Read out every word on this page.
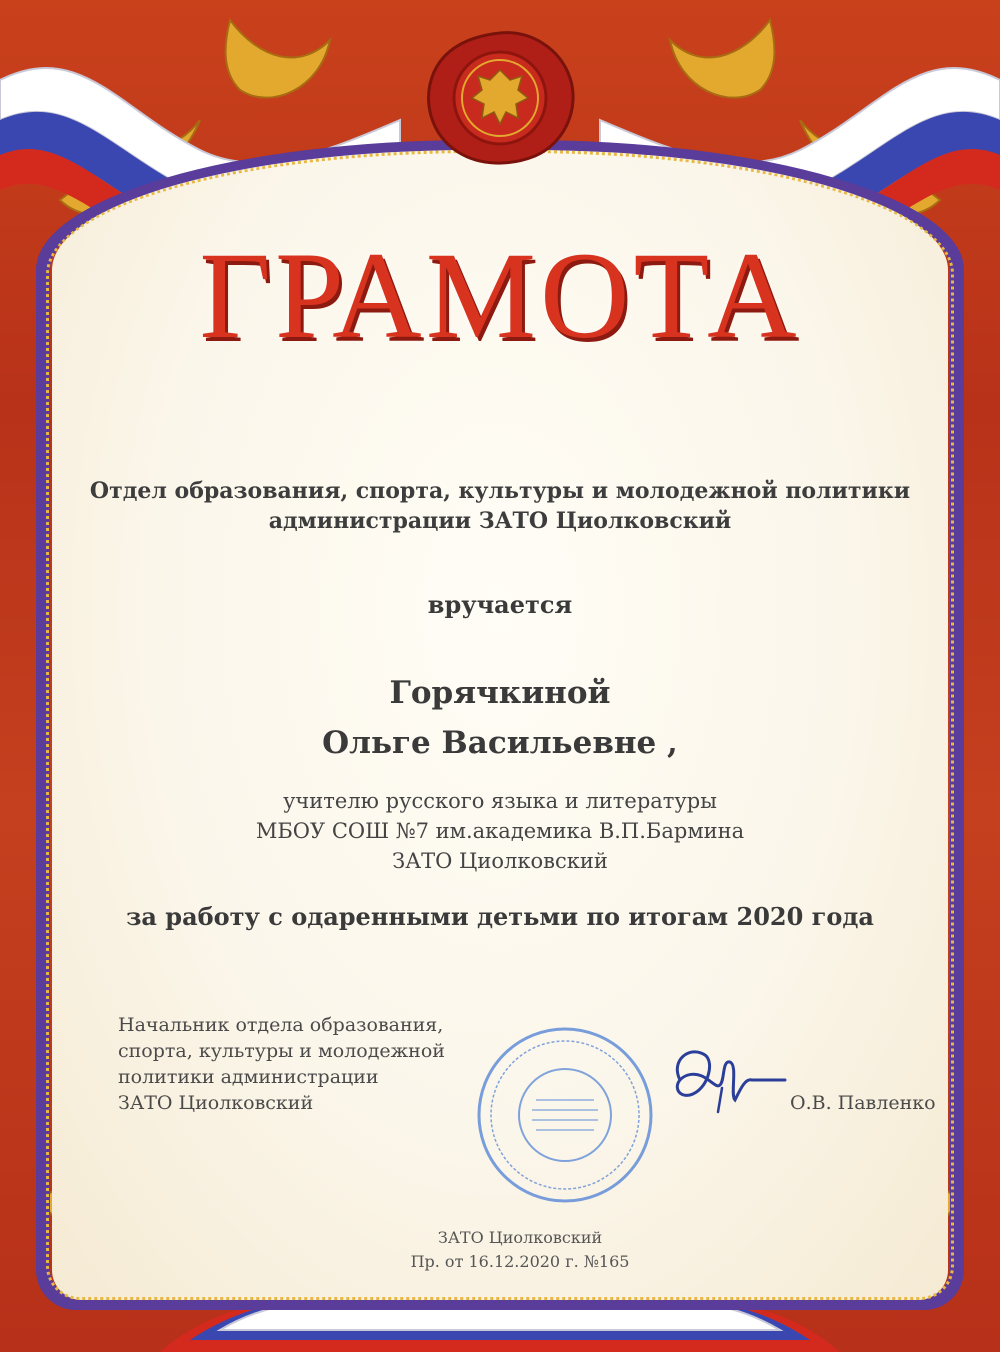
ГРАМОТА
Отдел образования, спорта, культуры и молодежной политики
администрации ЗАТО Циолковский
вручается
Горячкиной
Ольге Васильевне ,
учителю русского языка и литературы
МБОУ СОШ №7 им.академика В.П.Бармина
ЗАТО Циолковский
за работу с одаренными детьми по итогам 2020 года
Начальник отдела образования,
спорта, культуры и молодежной
политики администрации
ЗАТО Циолковский	О.В. Павленко
ЗАТО Циолковский
Пр. от 16.12.2020 г. №165
